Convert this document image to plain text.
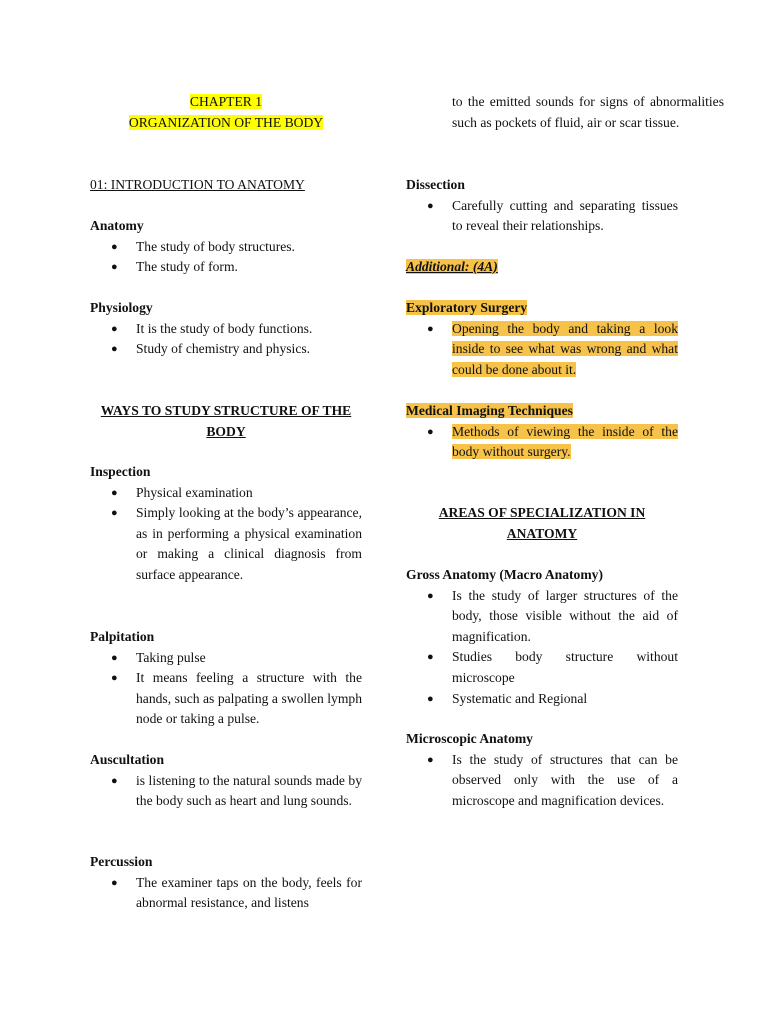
CHAPTER 1
ORGANIZATION OF THE BODY
01: INTRODUCTION TO ANATOMY
Anatomy
● The study of body structures.
● The study of form.
Physiology
● It is the study of body functions.
● Study of chemistry and physics.
WAYS TO STUDY STRUCTURE OF THE BODY
Inspection
● Physical examination
● Simply looking at the body’s appearance, as in performing a physical examination or making a clinical diagnosis from surface appearance.
Palpitation
● Taking pulse
● It means feeling a structure with the hands, such as palpating a swollen lymph node or taking a pulse.
Auscultation
● is listening to the natural sounds made by the body such as heart and lung sounds.
Percussion
● The examiner taps on the body, feels for abnormal resistance, and listens
to the emitted sounds for signs of abnormalities such as pockets of fluid, air or scar tissue.
Dissection
● Carefully cutting and separating tissues to reveal their relationships.
Additional: (4A)
Exploratory Surgery
● Opening the body and taking a look inside to see what was wrong and what could be done about it.
Medical Imaging Techniques
● Methods of viewing the inside of the body without surgery.
AREAS OF SPECIALIZATION IN ANATOMY
Gross Anatomy (Macro Anatomy)
● Is the study of larger structures of the body, those visible without the aid of magnification.
● Studies body structure without microscope
● Systematic and Regional
Microscopic Anatomy
● Is the study of structures that can be observed only with the use of a microscope and magnification devices.
